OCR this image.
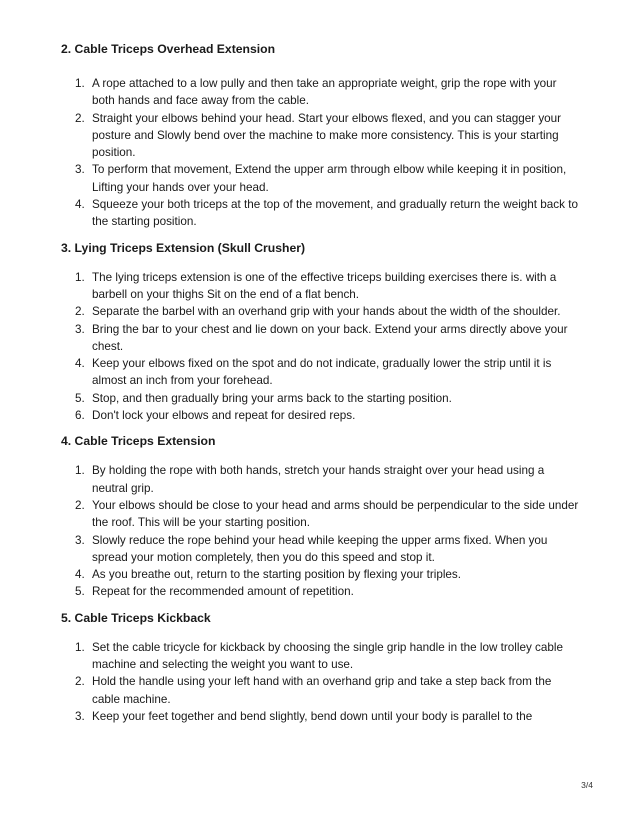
2. Cable Triceps Overhead Extension

1. A rope attached to a low pully and then take an appropriate weight, grip the rope with your both hands and face away from the cable.
2. Straight your elbows behind your head. Start your elbows flexed, and you can stagger your posture and Slowly bend over the machine to make more consistency. This is your starting position.
3. To perform that movement, Extend the upper arm through elbow while keeping it in position, Lifting your hands over your head.
4. Squeeze your both triceps at the top of the movement, and gradually return the weight back to the starting position.

3. Lying Triceps Extension (Skull Crusher)

1. The lying triceps extension is one of the effective triceps building exercises there is. with a barbell on your thighs Sit on the end of a flat bench.
2. Separate the barbel with an overhand grip with your hands about the width of the shoulder.
3. Bring the bar to your chest and lie down on your back. Extend your arms directly above your chest.
4. Keep your elbows fixed on the spot and do not indicate, gradually lower the strip until it is almost an inch from your forehead.
5. Stop, and then gradually bring your arms back to the starting position.
6. Don't lock your elbows and repeat for desired reps.

4. Cable Triceps Extension

1. By holding the rope with both hands, stretch your hands straight over your head using a neutral grip.
2. Your elbows should be close to your head and arms should be perpendicular to the side under the roof. This will be your starting position.
3. Slowly reduce the rope behind your head while keeping the upper arms fixed. When you spread your motion completely, then you do this speed and stop it.
4. As you breathe out, return to the starting position by flexing your triples.
5. Repeat for the recommended amount of repetition.

5. Cable Triceps Kickback

1. Set the cable tricycle for kickback by choosing the single grip handle in the low trolley cable machine and selecting the weight you want to use.
2. Hold the handle using your left hand with an overhand grip and take a step back from the cable machine.
3. Keep your feet together and bend slightly, bend down until your body is parallel to the
3/4
